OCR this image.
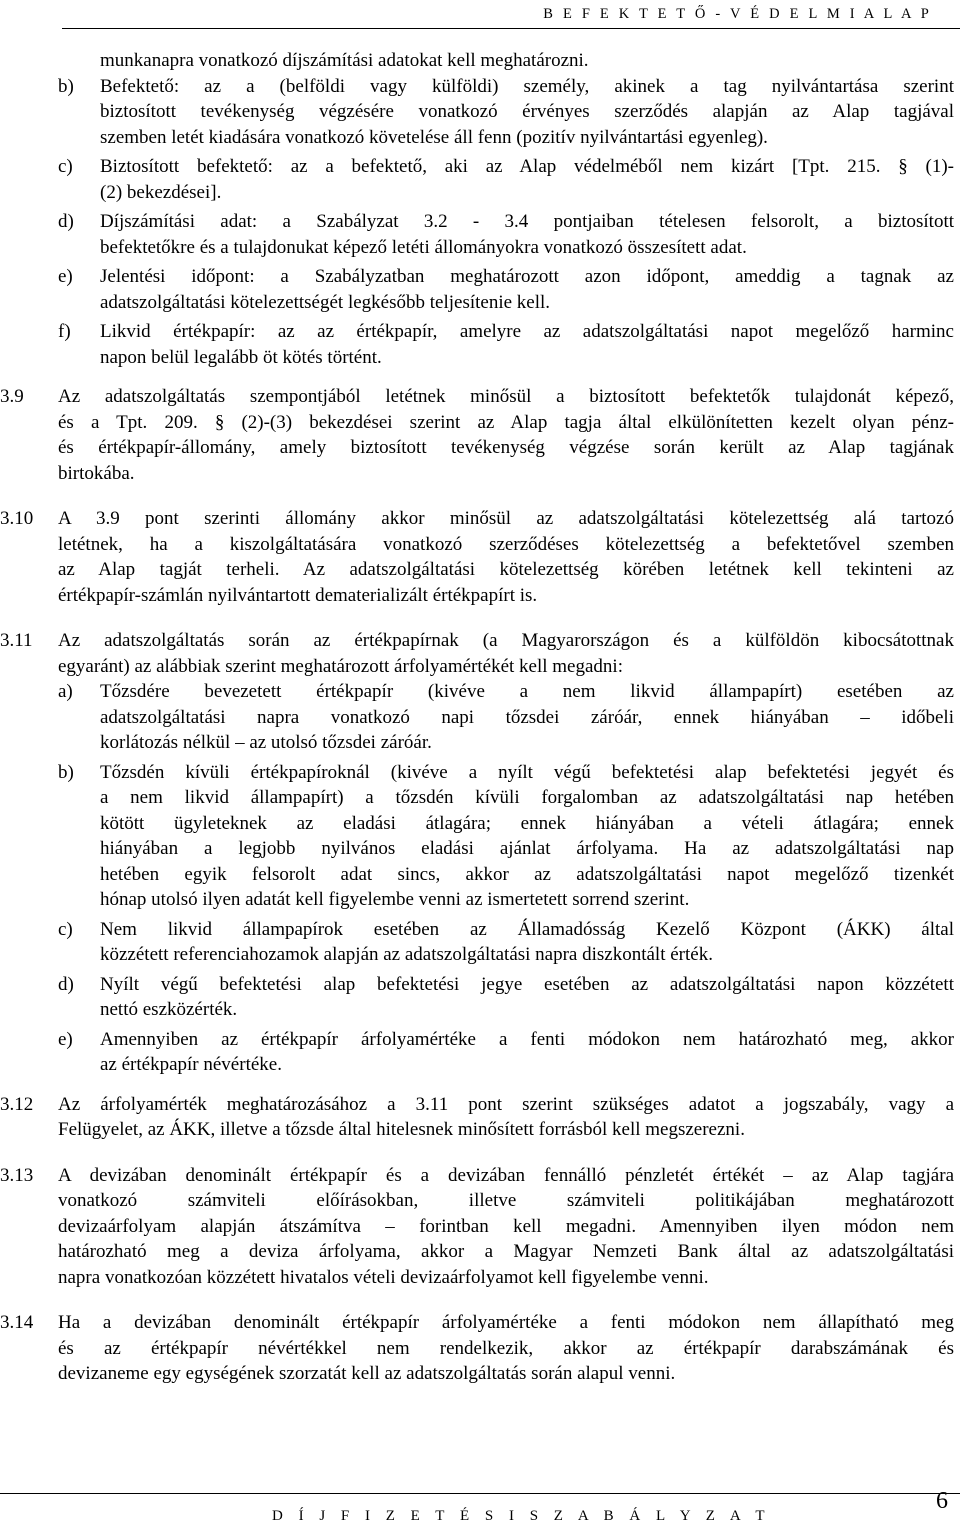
B E F E K T E T Ő - V É D E L M I A L A P
munkanapra vonatkozó díjszámítási adatokat kell meghatározni.
b)	Befektető: az a (belföldi vagy külföldi) személy, akinek a tag nyilvántartása szerint
biztosított tevékenység végzésére vonatkozó érvényes szerződés alapján az Alap tagjával
szemben letét kiadására vonatkozó követelése áll fenn (pozitív nyilvántartási egyenleg).
c)	Biztosított befektető: az a befektető, aki az Alap védelméből nem kizárt [Tpt. 215. § (1)-
(2) bekezdései].
d)	Díjszámítási adat: a Szabályzat 3.2 - 3.4 pontjaiban tételesen felsorolt, a biztosított
befektetőkre és a tulajdonukat képező letéti állományokra vonatkozó összesített adat.
e)	Jelentési időpont: a Szabályzatban meghatározott azon időpont, ameddig a tagnak az
adatszolgáltatási kötelezettségét legkésőbb teljesítenie kell.
f)	Likvid értékpapír: az az értékpapír, amelyre az adatszolgáltatási napot megelőző harminc
napon belül legalább öt kötés történt.
3.9	Az adatszolgáltatás szempontjából letétnek minősül a biztosított befektetők tulajdonát képező,
és a Tpt. 209. § (2)-(3) bekezdései szerint az Alap tagja által elkülönítetten kezelt olyan pénz-
és értékpapír-állomány, amely biztosított tevékenység végzése során került az Alap tagjának
birtokába.
3.10	A 3.9 pont szerinti állomány akkor minősül az adatszolgáltatási kötelezettség alá tartozó
letétnek, ha a kiszolgáltatására vonatkozó szerződéses kötelezettség a befektetővel szemben
az Alap tagját terheli. Az adatszolgáltatási kötelezettség körében letétnek kell tekinteni az
értékpapír-számlán nyilvántartott dematerializált értékpapírt is.
3.11	Az adatszolgáltatás során az értékpapírnak (a Magyarországon és a külföldön kibocsátottnak
egyaránt) az alábbiak szerint meghatározott árfolyamértékét kell megadni:
a)	Tőzsdére bevezetett értékpapír (kivéve a nem likvid állampapírt) esetében az
adatszolgáltatási napra vonatkozó napi tőzsdei záróár, ennek hiányában – időbeli
korlátozás nélkül – az utolsó tőzsdei záróár.
b)	Tőzsdén kívüli értékpapíroknál (kivéve a nyílt végű befektetési alap befektetési jegyét és
a nem likvid állampapírt) a tőzsdén kívüli forgalomban az adatszolgáltatási nap hetében
kötött ügyleteknek az eladási átlagára; ennek hiányában a vételi átlagára; ennek
hiányában a legjobb nyilvános eladási ajánlat árfolyama. Ha az adatszolgáltatási nap
hetében egyik felsorolt adat sincs, akkor az adatszolgáltatási napot megelőző tizenkét
hónap utolsó ilyen adatát kell figyelembe venni az ismertetett sorrend szerint.
c)	Nem likvid állampapírok esetében az Államadósság Kezelő Központ (ÁKK) által
közzétett referenciahozamok alapján az adatszolgáltatási napra diszkontált érték.
d)	Nyílt végű befektetési alap befektetési jegye esetében az adatszolgáltatási napon közzétett
nettó eszközérték.
e)	Amennyiben az értékpapír árfolyamértéke a fenti módokon nem határozható meg, akkor
az értékpapír névértéke.
3.12	Az árfolyamérték meghatározásához a 3.11 pont szerint szükséges adatot a jogszabály, vagy a
Felügyelet, az ÁKK, illetve a tőzsde által hitelesnek minősített forrásból kell megszerezni.
3.13	A devizában denominált értékpapír és a devizában fennálló pénzletét értékét – az Alap tagjára
vonatkozó számviteli előírásokban, illetve számviteli politikájában meghatározott
devizaárfolyam alapján átszámítva – forintban kell megadni. Amennyiben ilyen módon nem
határozható meg a deviza árfolyama, akkor a Magyar Nemzeti Bank által az adatszolgáltatási
napra vonatkozóan közzétett hivatalos vételi devizaárfolyamot kell figyelembe venni.
3.14	Ha a devizában denominált értékpapír árfolyamértéke a fenti módokon nem állapítható meg
és az értékpapír névértékkel nem rendelkezik, akkor az értékpapír darabszámának és
devizaneme egy egységének szorzatát kell az adatszolgáltatás során alapul venni.
D Í J F I Z E T É S I S Z A B Á L Y Z A T
6
